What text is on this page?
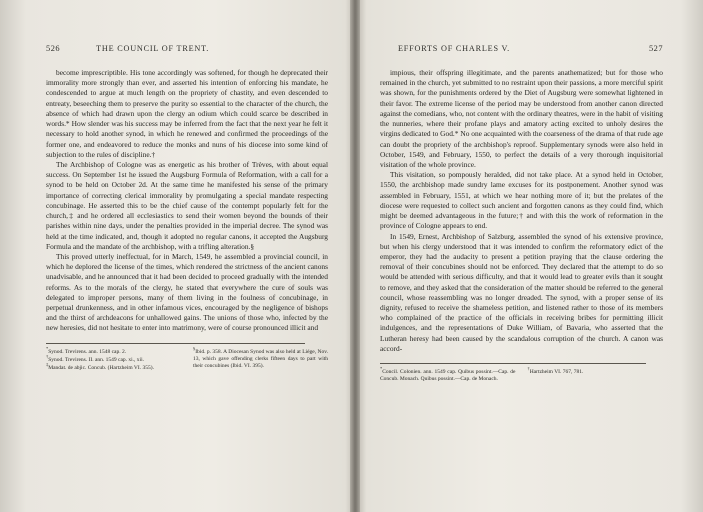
526	THE COUNCIL OF TRENT.

become imprescriptible. His tone accordingly was softened, for though he deprecated their immorality more strongly than ever, and asserted his intention of enforcing his mandate, he condescended to argue at much length on the propriety of chastity, and even descended to entreaty, beseeching them to preserve the purity so essential to the character of the church, the absence of which had drawn upon the clergy an odium which could scarce be described in words.* How slender was his success may be inferred from the fact that the next year he felt it necessary to hold another synod, in which he renewed and confirmed the proceedings of the former one, and endeavored to reduce the monks and nuns of his diocese into some kind of subjection to the rules of discipline.†

The Archbishop of Cologne was as energetic as his brother of Trèves, with about equal success. On September 1st he issued the Augsburg Formula of Reformation, with a call for a synod to be held on October 2d. At the same time he manifested his sense of the primary importance of correcting clerical immorality by promulgating a special mandate respecting concubinage. He asserted this to be the chief cause of the contempt popularly felt for the church,‡ and he ordered all ecclesiastics to send their women beyond the bounds of their parishes within nine days, under the penalties provided in the imperial decree. The synod was held at the time indicated, and, though it adopted no regular canons, it accepted the Augsburg Formula and the mandate of the archbishop, with a trifling alteration.§

This proved utterly ineffectual, for in March, 1549, he assembled a provincial council, in which he deplored the license of the times, which rendered the strictness of the ancient canons unadvisable, and he announced that it had been decided to proceed gradually with the intended reforms. As to the morals of the clergy, he stated that everywhere the cure of souls was delegated to improper persons, many of them living in the foulness of concubinage, in perpetual drunkenness, and in other infamous vices, encouraged by the negligence of bishops and the thirst of archdeacons for unhallowed gains. The unions of those who, infected by the new heresies, did not hesitate to enter into matrimony, were of course pronounced illicit and

*Synod. Trevirens. ann. 1548 cap. 2.

†Synod. Trevirens. II. ann. 1549 cap. xi., xii.

‡Mandat. de abjic. Concub. (Hartzheim VI. 355).

§Ibid. p. 358. A Diocesan Synod was also held at Liége, Nov. 13, which gave offending clerks fifteen days to part with their concubines (Ibid. VI. 395).

EFFORTS OF CHARLES V.	527

impious, their offspring illegitimate, and the parents anathematized; but for those who remained in the church, yet submitted to no restraint upon their passions, a more merciful spirit was shown, for the punishments ordered by the Diet of Augsburg were somewhat lightened in their favor. The extreme license of the period may be understood from another canon directed against the comedians, who, not content with the ordinary theatres, were in the habit of visiting the nunneries, where their profane plays and amatory acting excited to unholy desires the virgins dedicated to God.* No one acquainted with the coarseness of the drama of that rude age can doubt the propriety of the archbishop's reproof. Supplementary synods were also held in October, 1549, and February, 1550, to perfect the details of a very thorough inquisitorial visitation of the whole province.

This visitation, so pompously heralded, did not take place. At a synod held in October, 1550, the archbishop made sundry lame excuses for its postponement. Another synod was assembled in February, 1551, at which we hear nothing more of it; but the prelates of the diocese were requested to collect such ancient and forgotten canons as they could find, which might be deemed advantageous in the future;† and with this the work of reformation in the province of Cologne appears to end.

In 1549, Ernest, Archbishop of Salzburg, assembled the synod of his extensive province, but when his clergy understood that it was intended to confirm the reformatory edict of the emperor, they had the audacity to present a petition praying that the clause ordering the removal of their concubines should not be enforced. They declared that the attempt to do so would be attended with serious difficulty, and that it would lead to greater evils than it sought to remove, and they asked that the consideration of the matter should be referred to the general council, whose reassembling was no longer dreaded. The synod, with a proper sense of its dignity, refused to receive the shameless petition, and listened rather to those of its members who complained of the practice of the officials in receiving bribes for permitting illicit indulgences, and the representations of Duke William, of Bavaria, who asserted that the Lutheran heresy had been caused by the scandalous corruption of the church. A canon was accord-

*Concil. Colonien. ann. 1549 cap. Quibus possint.—Cap. de Concub. Monach. Quibus possint.—Cap. de Monach.

†Hartzheim VI. 767, 781.
